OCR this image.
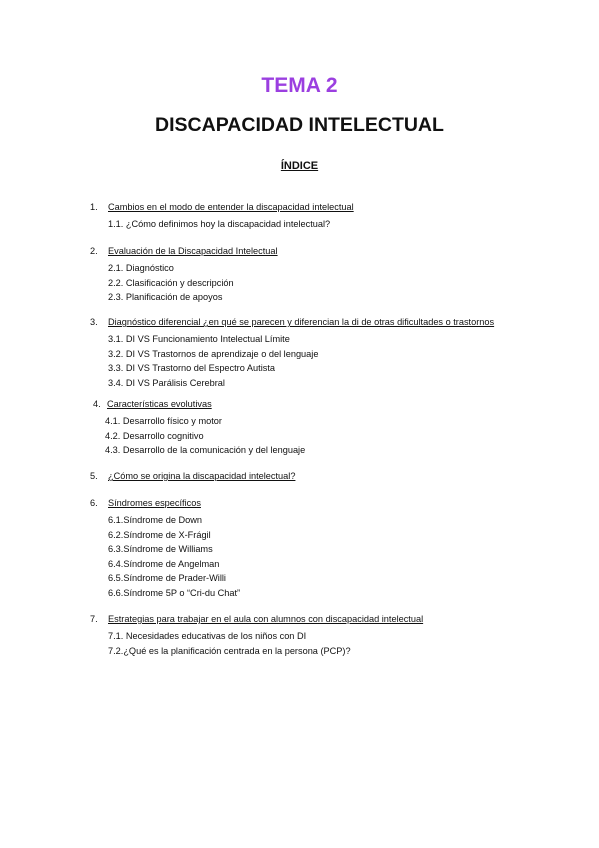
TEMA 2
DISCAPACIDAD INTELECTUAL
ÍNDICE
1. Cambios en el modo de entender la discapacidad intelectual
1.1. ¿Cómo definimos hoy la discapacidad intelectual?
2. Evaluación de la Discapacidad Intelectual
2.1. Diagnóstico
2.2. Clasificación y descripción
2.3. Planificación de apoyos
3. Diagnóstico diferencial ¿en qué se parecen y diferencian la di de otras dificultades o trastornos
3.1. DI VS Funcionamiento Intelectual Límite
3.2. DI VS Trastornos de aprendizaje o del lenguaje
3.3. DI VS Trastorno del Espectro Autista
3.4. DI VS Parálisis Cerebral
4. Características evolutivas
4.1. Desarrollo físico y motor
4.2. Desarrollo cognitivo
4.3. Desarrollo de la comunicación y del lenguaje
5. ¿Cómo se origina la discapacidad intelectual?
6. Síndromes específicos
6.1.Síndrome de Down
6.2.Síndrome de X-Frágil
6.3.Síndrome de Williams
6.4.Síndrome de Angelman
6.5.Síndrome de Prader-Willi
6.6.Síndrome 5P o “Cri-du Chat”
7. Estrategias para trabajar en el aula con alumnos con discapacidad intelectual
7.1. Necesidades educativas de los niños con DI
7.2.¿Qué es la planificación centrada en la persona (PCP)?
